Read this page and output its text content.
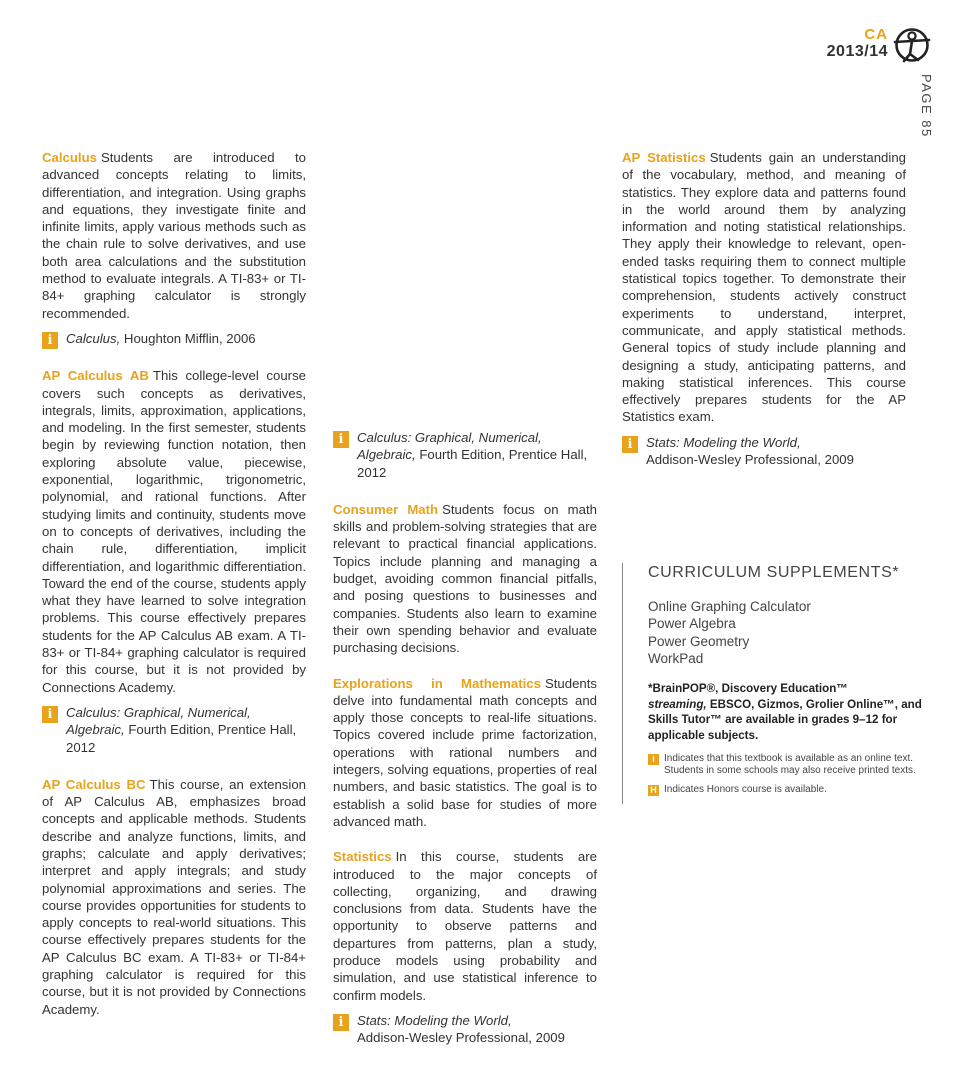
CA
2013/14
PAGE 85

Calculus Students are introduced to advanced concepts relating to limits, differentiation, and integration. Using graphs and equations, they investigate finite and infinite limits, apply various methods such as the chain rule to solve derivatives, and use both area calculations and the substitution method to evaluate integrals. A TI-83+ or TI-84+ graphing calculator is strongly recommended.

i	Calculus, Houghton Mifflin, 2006

AP Calculus AB This college-level course covers such concepts as derivatives, integrals, limits, approximation, applications, and modeling. In the first semester, students begin by reviewing function notation, then exploring absolute value, piecewise, exponential, logarithmic, trigonometric, polynomial, and rational functions. After studying limits and continuity, students move on to concepts of derivatives, including the chain rule, differentiation, implicit differentiation, and logarithmic differentiation. Toward the end of the course, students apply what they have learned to solve integration problems. This course effectively prepares students for the AP Calculus AB exam. A TI-83+ or TI-84+ graphing calculator is required for this course, but it is not provided by Connections Academy.

i	Calculus: Graphical, Numerical, Algebraic, Fourth Edition, Prentice Hall, 2012

AP Calculus BC This course, an extension of AP Calculus AB, emphasizes broad concepts and applicable methods. Students describe and analyze functions, limits, and graphs; calculate and apply derivatives; interpret and apply integrals; and study polynomial approximations and series. The course provides opportunities for students to apply concepts to real-world situations. This course effectively prepares students for the AP Calculus BC exam. A TI-83+ or TI-84+ graphing calculator is required for this course, but it is not provided by Connections Academy.

i	Calculus: Graphical, Numerical, Algebraic, Fourth Edition, Prentice Hall, 2012

Consumer Math Students focus on math skills and problem-solving strategies that are relevant to practical financial applications. Topics include planning and managing a budget, avoiding common financial pitfalls, and posing questions to businesses and companies. Students also learn to examine their own spending behavior and evaluate purchasing decisions.

Explorations in Mathematics Students delve into fundamental math concepts and apply those concepts to real-life situations. Topics covered include prime factorization, operations with rational numbers and integers, solving equations, properties of real numbers, and basic statistics. The goal is to establish a solid base for studies of more advanced math.

Statistics In this course, students are introduced to the major concepts of collecting, organizing, and drawing conclusions from data. Students have the opportunity to observe patterns and departures from patterns, plan a study, produce models using probability and simulation, and use statistical inference to confirm models.

i	Stats: Modeling the World,
Addison-Wesley Professional, 2009

AP Statistics Students gain an understanding of the vocabulary, method, and meaning of statistics. They explore data and patterns found in the world around them by analyzing information and noting statistical relationships. They apply their knowledge to relevant, open-ended tasks requiring them to connect multiple statistical topics together. To demonstrate their comprehension, students actively construct experiments to understand, interpret, communicate, and apply statistical methods. General topics of study include planning and designing a study, anticipating patterns, and making statistical inferences. This course effectively prepares students for the AP Statistics exam.

i	Stats: Modeling the World,
Addison-Wesley Professional, 2009
CURRICULUM SUPPLEMENTS*
Online Graphing Calculator
Power Algebra
Power Geometry
WorkPad

*BrainPOP®, Discovery Education™
streaming, EBSCO, Gizmos, Grolier Online™, and Skills Tutor™ are available in grades 9–12 for applicable subjects.

i Indicates that this textbook is available as an online text. Students in some schools may also receive printed texts.
H Indicates Honors course is available.
